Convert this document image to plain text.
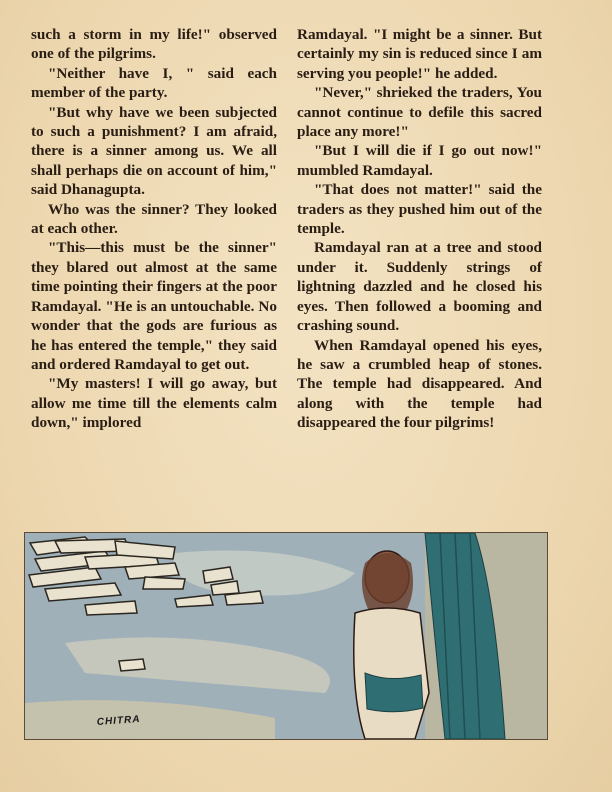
such a storm in my life!" observed one of the pilgrims.

"Neither have I, " said each member of the party.

"But why have we been subjected to such a punishment? I am afraid, there is a sinner among us. We all shall perhaps die on account of him," said Dhanagupta.

Who was the sinner? They looked at each other.

"This—this must be the sinner" they blared out almost at the same time pointing their fingers at the poor Ramdayal. "He is an untouchable. No wonder that the gods are furious as he has entered the temple," they said and ordered Ramdayal to get out.

"My masters! I will go away, but allow me time till the elements calm down," implored

Ramdayal. "I might be a sinner. But certainly my sin is reduced since I am serving you people!" he added.

"Never," shrieked the traders, You cannot continue to defile this sacred place any more!"

"But I will die if I go out now!" mumbled Ramdayal.

"That does not matter!" said the traders as they pushed him out of the temple.

Ramdayal ran at a tree and stood under it. Suddenly strings of lightning dazzled and he closed his eyes. Then followed a booming and crashing sound.

When Ramdayal opened his eyes, he saw a crumbled heap of stones. The temple had disappeared. And along with the temple had disappeared the four pilgrims!

CHITRA
